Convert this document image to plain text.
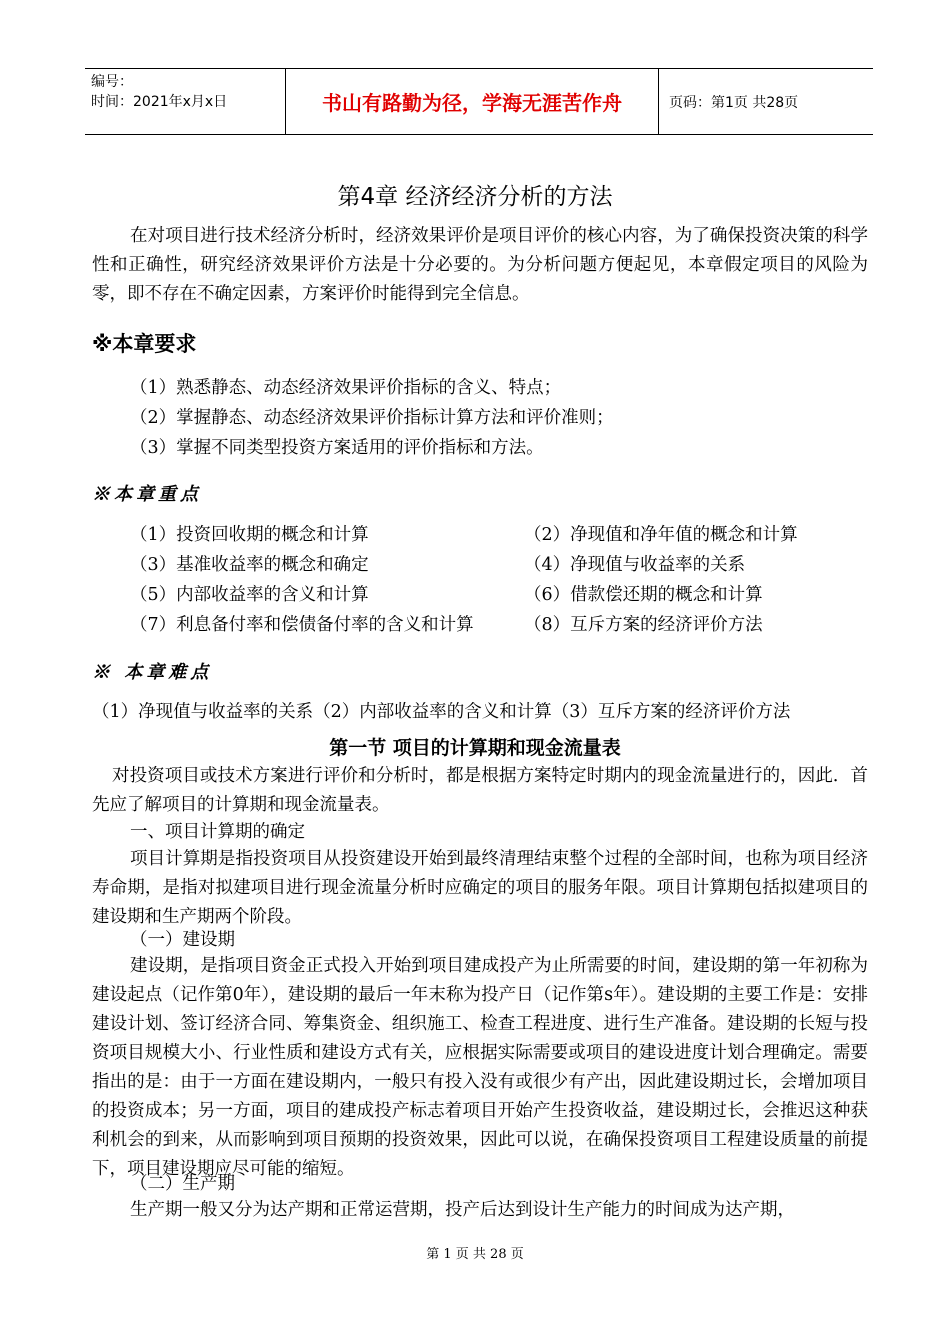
编号：
时间：2021年x月x日	书山有路勤为径，学海无涯苦作舟	页码：第1页 共28页
第4章 经济经济分析的方法

在对项目进行技术经济分析时，经济效果评价是项目评价的核心内容，为了确保投资决策的科学性和正确性，研究经济效果评价方法是十分必要的。为分析问题方便起见，本章假定项目的风险为零，即不存在不确定因素，方案评价时能得到完全信息。

※本章要求
（1）熟悉静态、动态经济效果评价指标的含义、特点；
（2）掌握静态、动态经济效果评价指标计算方法和评价准则；
（3）掌握不同类型投资方案适用的评价指标和方法。
※本章重点
（1）投资回收期的概念和计算
（3）基准收益率的概念和确定
（5）内部收益率的含义和计算
（7）利息备付率和偿债备付率的含义和计算
（2）净现值和净年值的概念和计算
（4）净现值与收益率的关系
（6）借款偿还期的概念和计算
（8）互斥方案的经济评价方法
※ 本章难点
（1）净现值与收益率的关系（2）内部收益率的含义和计算（3）互斥方案的经济评价方法
第一节 项目的计算期和现金流量表

对投资项目或技术方案进行评价和分析时，都是根据方案特定时期内的现金流量进行的，因此．首先应了解项目的计算期和现金流量表。

一、项目计算期的确定

项目计算期是指投资项目从投资建设开始到最终清理结束整个过程的全部时间，也称为项目经济寿命期，是指对拟建项目进行现金流量分析时应确定的项目的服务年限。项目计算期包括拟建项目的建设期和生产期两个阶段。

（一）建设期

建设期，是指项目资金正式投入开始到项目建成投产为止所需要的时间，建设期的第一年初称为建设起点（记作第0年），建设期的最后一年末称为投产日（记作第s年）。建设期的主要工作是：安排建设计划、签订经济合同、筹集资金、组织施工、检查工程进度、进行生产准备。建设期的长短与投资项目规模大小、行业性质和建设方式有关，应根据实际需要或项目的建设进度计划合理确定。需要指出的是：由于一方面在建设期内，一般只有投入没有或很少有产出，因此建设期过长，会增加项目的投资成本；另一方面，项目的建成投产标志着项目开始产生投资收益，建设期过长，会推迟这种获利机会的到来，从而影响到项目预期的投资效果，因此可以说，在确保投资项目工程建设质量的前提下，项目建设期应尽可能的缩短。

（二）生产期

生产期一般又分为达产期和正常运营期，投产后达到设计生产能力的时间成为达产期，

第 1 页 共 28 页
